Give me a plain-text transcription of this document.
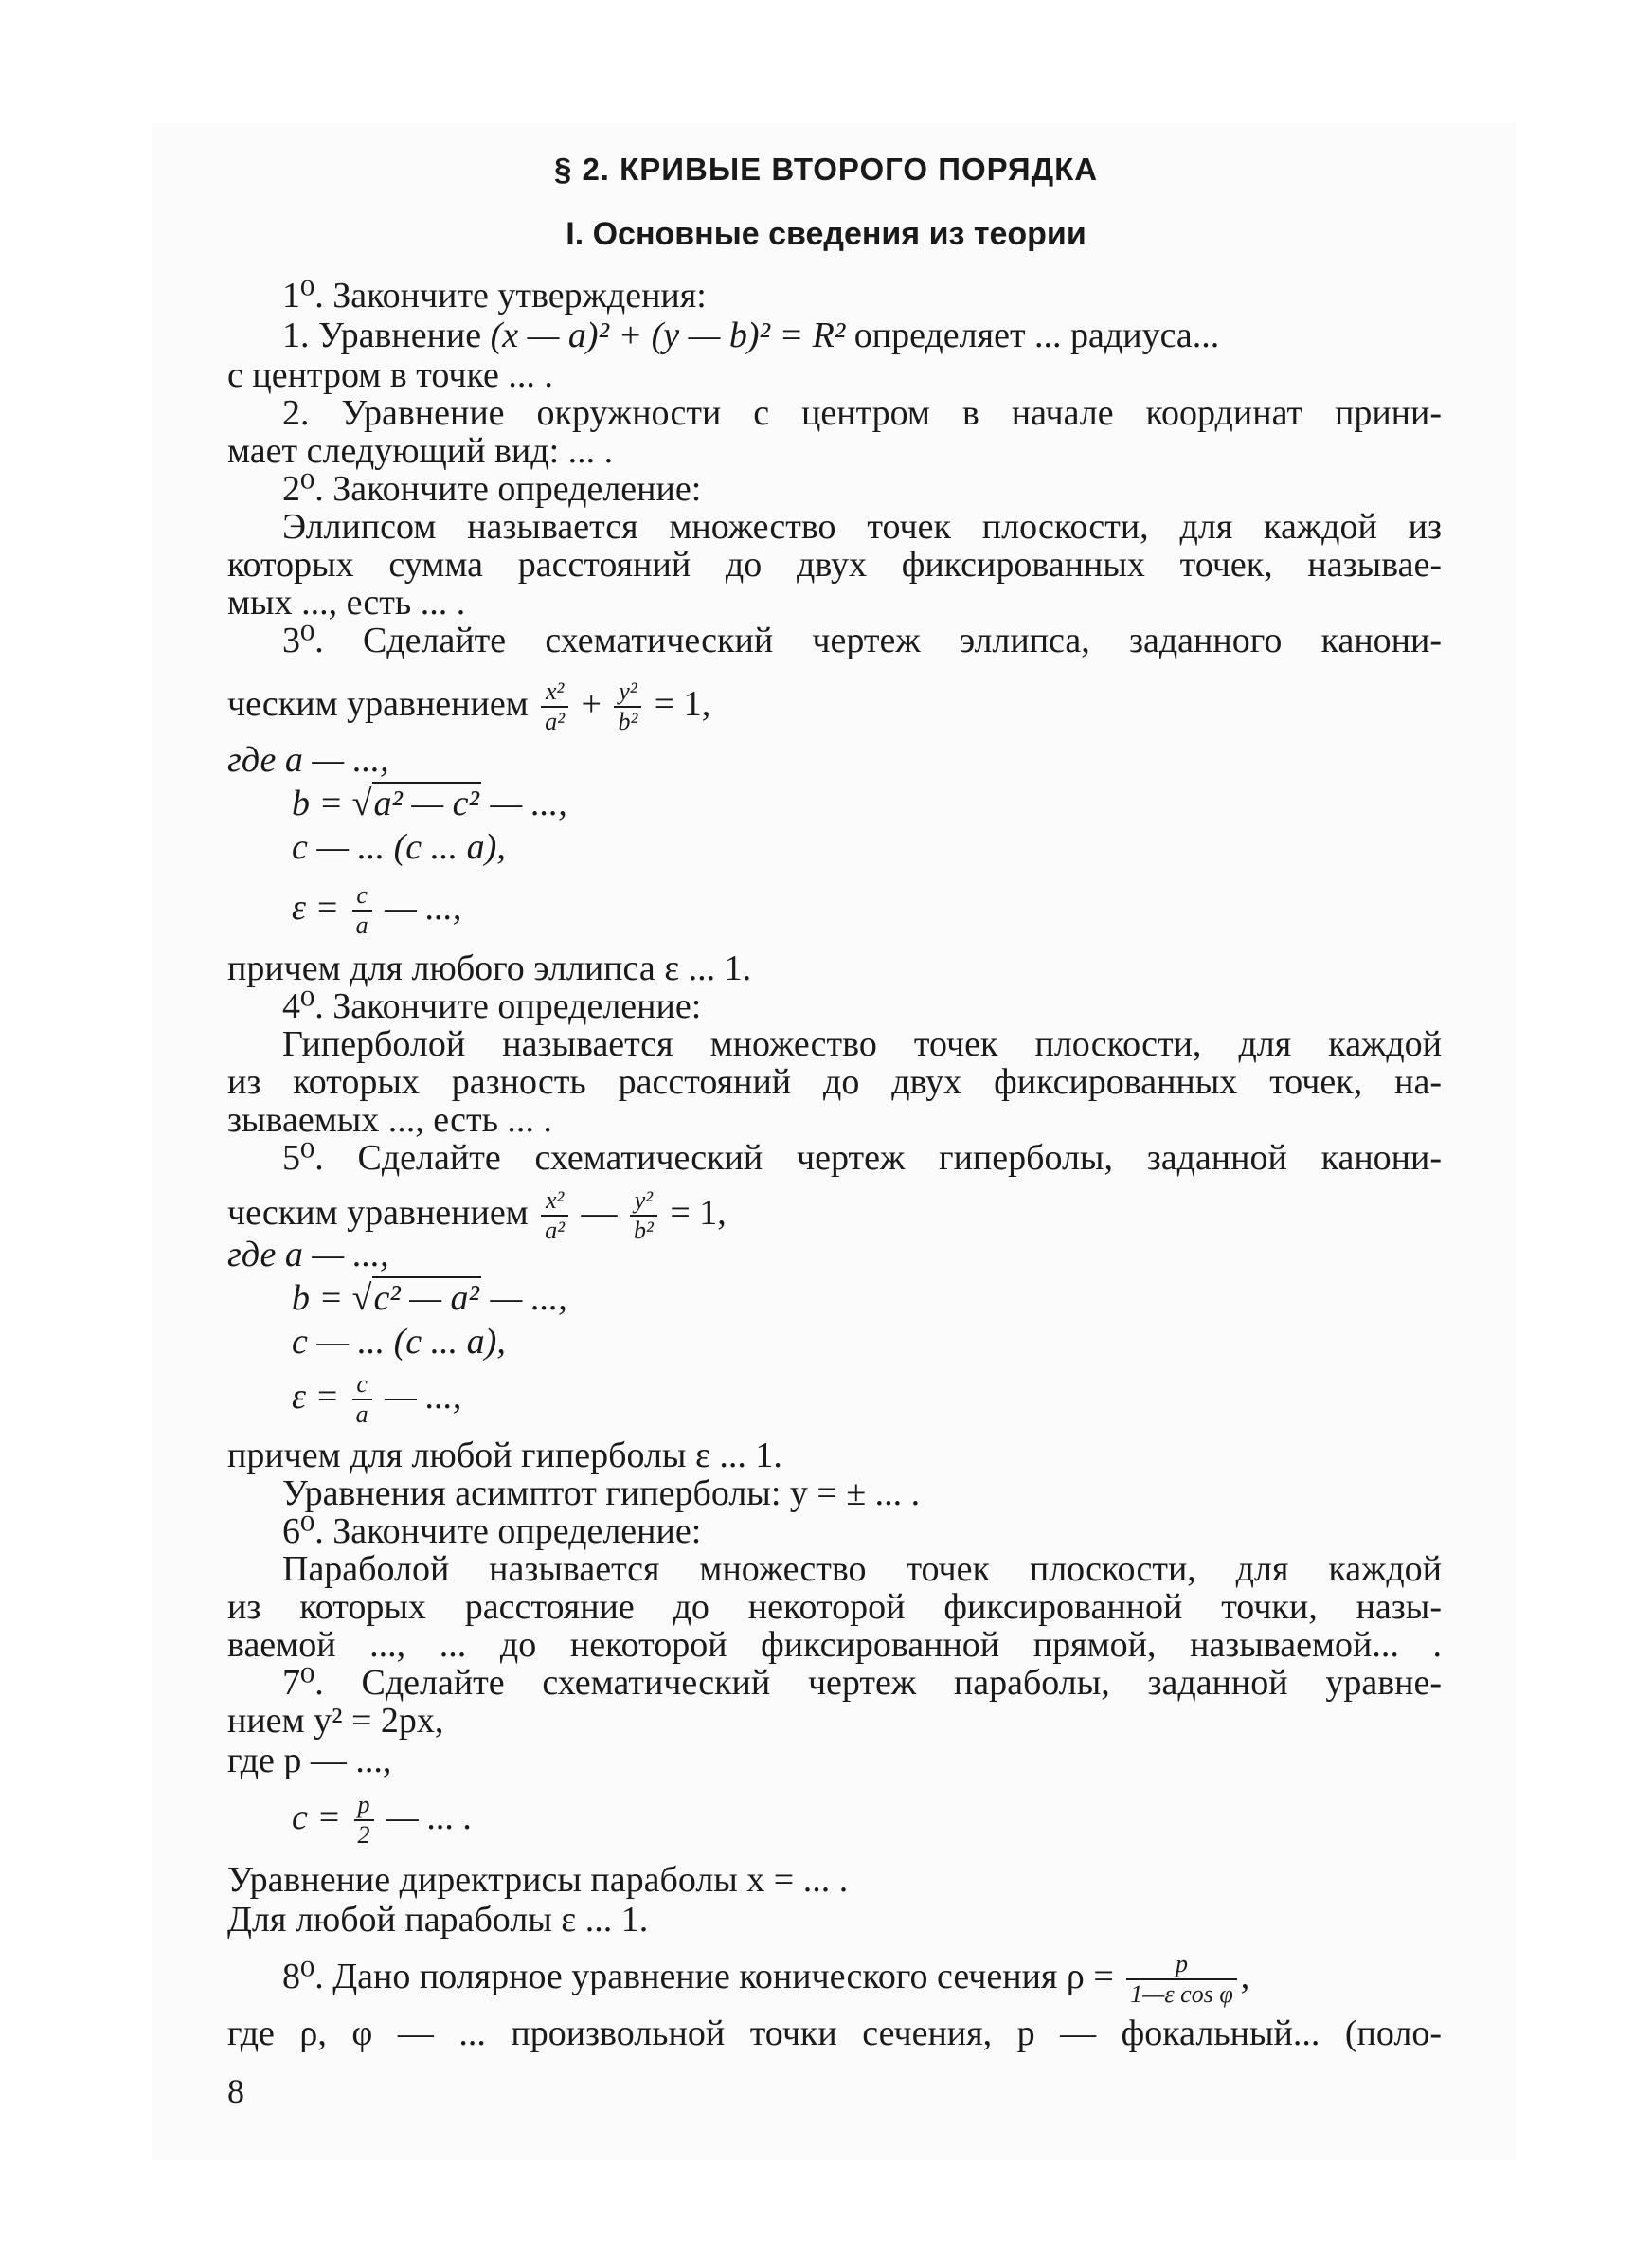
§ 2. КРИВЫЕ ВТОРОГО ПОРЯДКА
I. Основные сведения из теории
1⁰. Закончите утверждения:
1. Уравнение (x — a)² + (y — b)² = R² определяет ... радиуса...
с центром в точке ... .
2. Уравнение окружности с центром в начале координат прини-
мает следующий вид: ... .
2⁰. Закончите определение:
Эллипсом называется множество точек плоскости, для каждой из
которых сумма расстояний до двух фиксированных точек, называе-
мых ..., есть ... .
3⁰. Сделайте схематический чертеж эллипса, заданного канони-
ческим уравнением $\frac{\text{x²}}{\text{a²}} + \frac{\text{y²}}{\text{b²}} = 1$,
где a — ...,
b = √a² — c² — ...,
c — ... (c ... a),
$\varepsilon = \frac{c}{a}$ — ...,
причем для любого эллипса ε ... 1.
4⁰. Закончите определение:
Гиперболой называется множество точек плоскости, для каждой
из которых разность расстояний до двух фиксированных точек, на-
зываемых ..., есть ... .
5⁰. Сделайте схематический чертеж гиперболы, заданной канони-
ческим уравнением $\frac{\text{x²}}{\text{a²}}$ — $\frac{\text{y²}}{\text{b²}} = 1$,
где a — ...,
b = √c² — a² — ...,
c — ... (c ... a),
$\varepsilon = \frac{c}{a}$ — ...,
причем для любой гиперболы ε ... 1.
Уравнения асимптот гиперболы: y = ± ... .
6⁰. Закончите определение:
Параболой называется множество точек плоскости, для каждой
из которых расстояние до некоторой фиксированной точки, назы-
ваемой ..., ... до некоторой фиксированной прямой, называемой... .
7⁰. Сделайте схематический чертеж параболы, заданной уравне-
нием y² = 2px,
где p — ...,
$c = \frac{p}{2}$ — ... .
Уравнение директрисы параболы x = ... .
Для любой параболы ε ... 1.
8⁰. Дано полярное уравнение конического сечения $\rho = \frac{p}{\text{1—ε cos φ}}$ ,
где ρ, φ — ... произвольной точки сечения, p — фокальный... (поло-
8
